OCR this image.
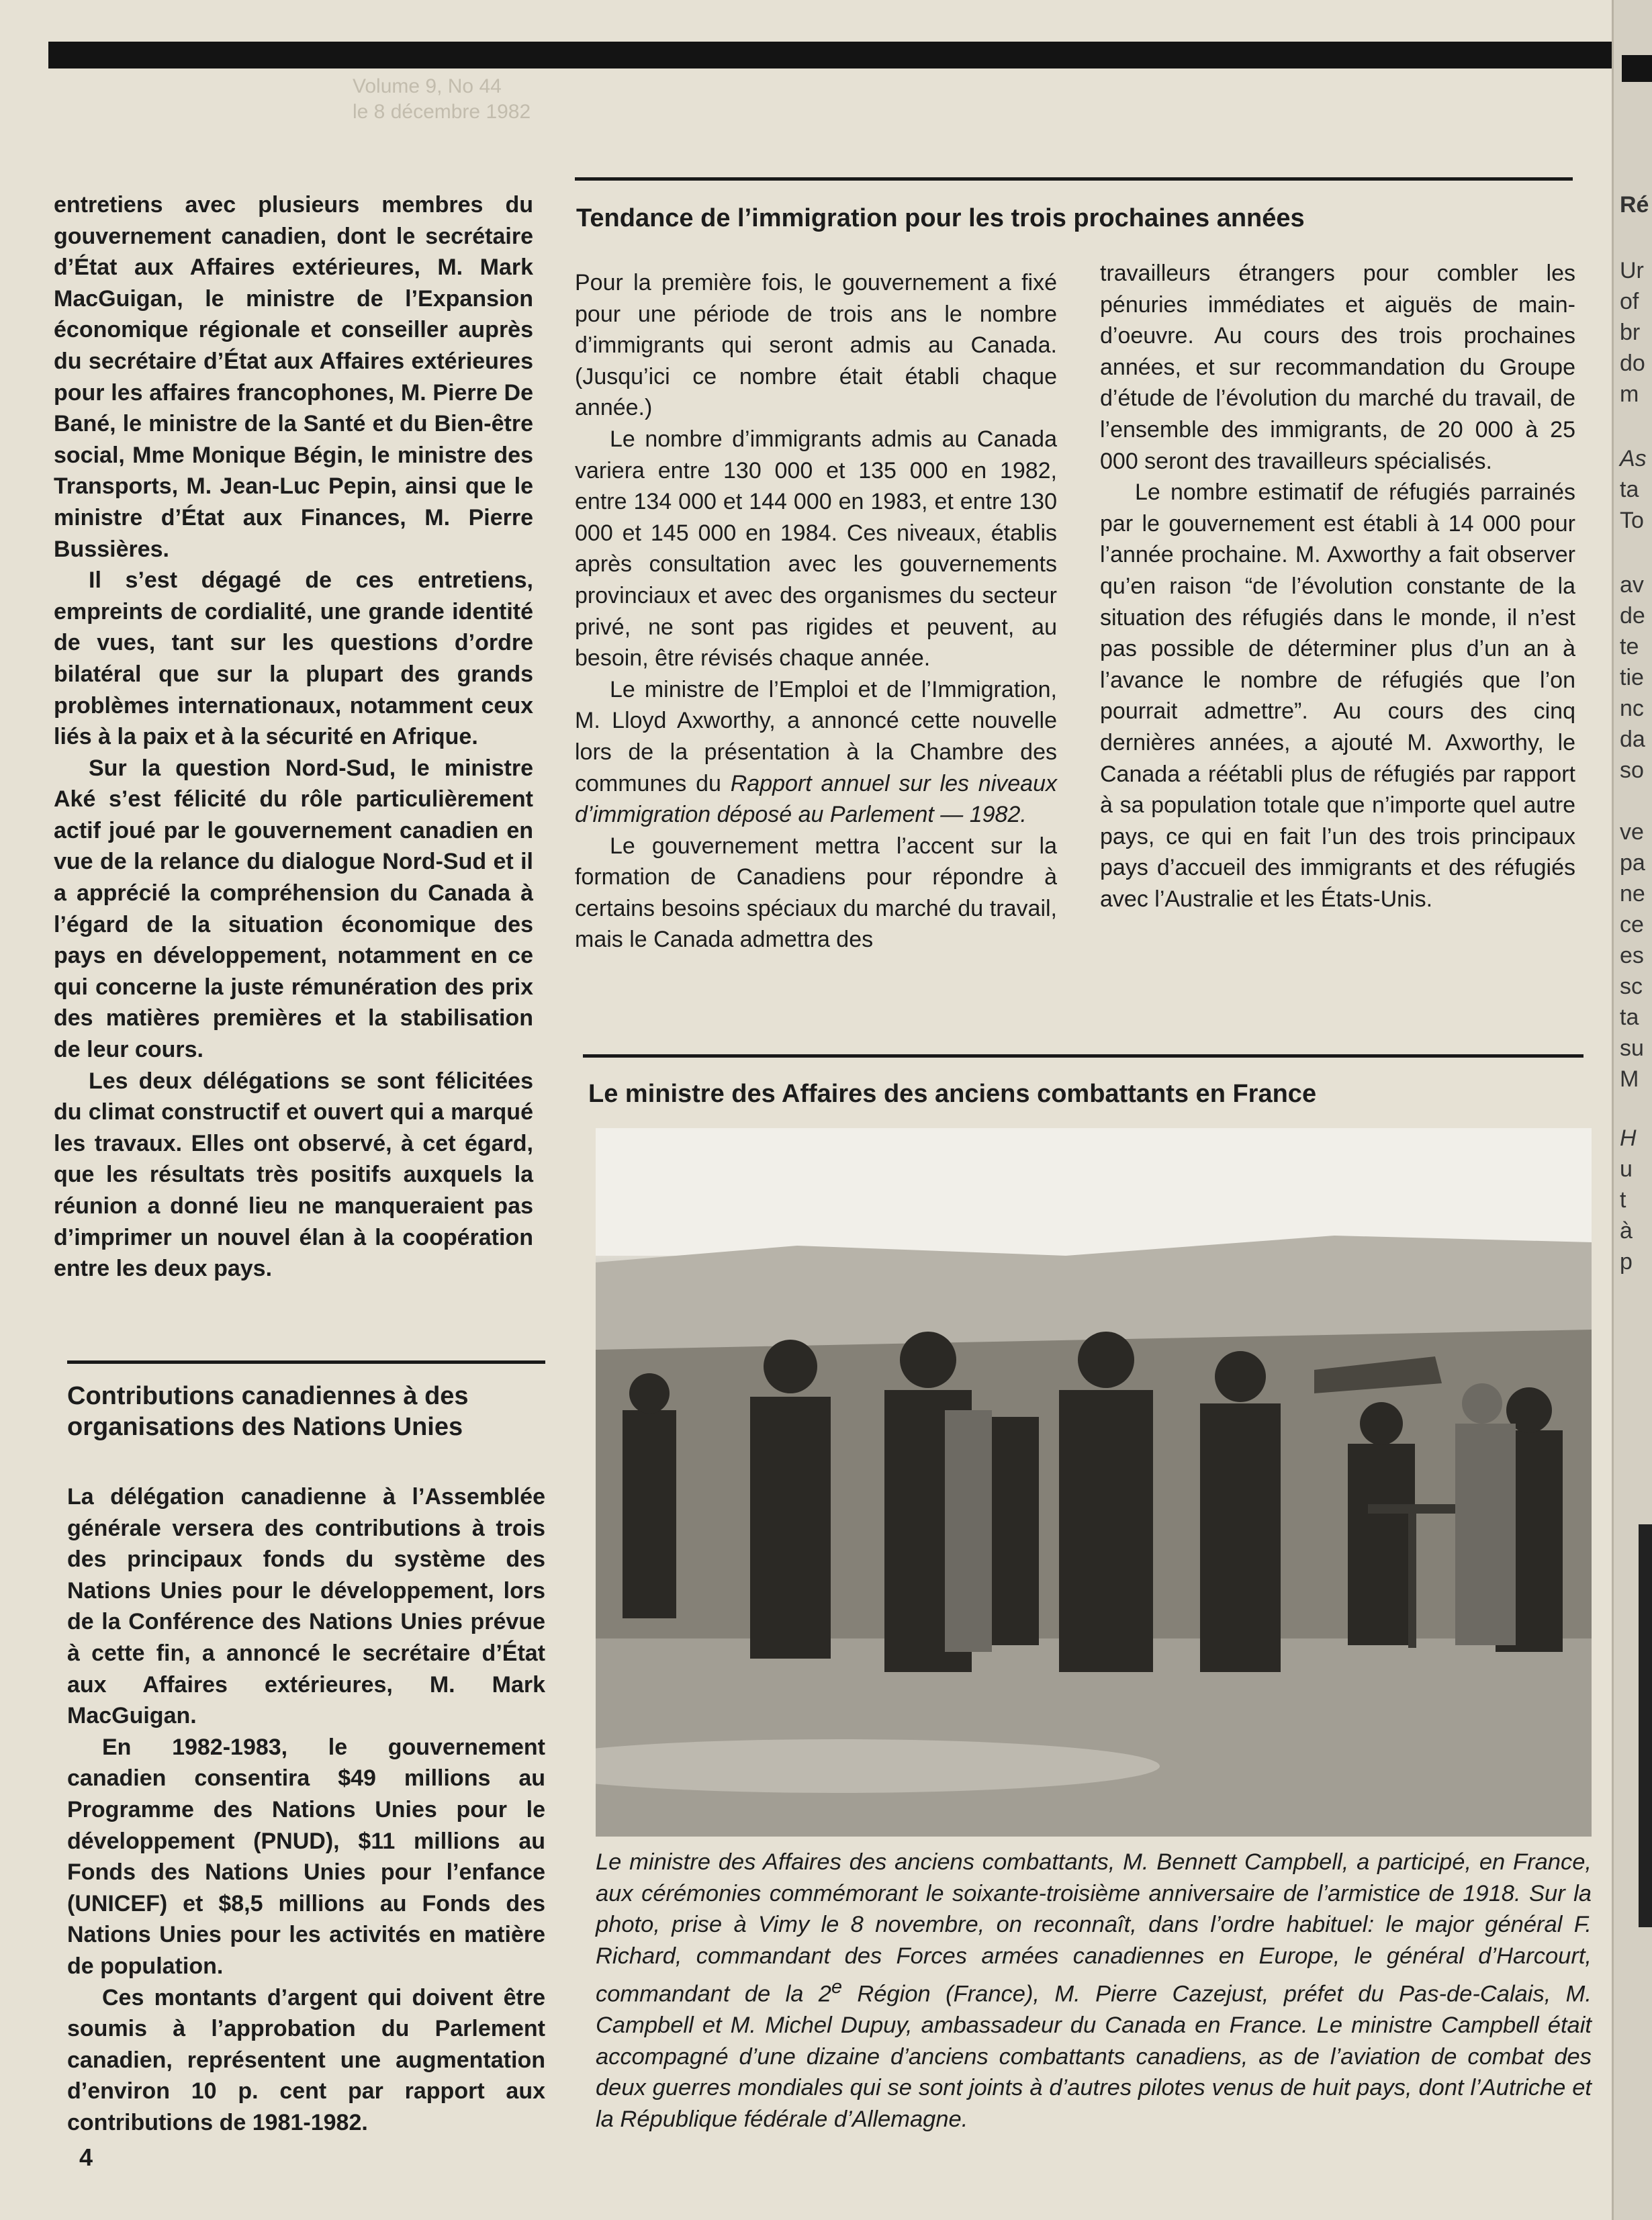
Volume 9, No 44
le 8 décembre 1982

entretiens avec plusieurs membres du gouvernement canadien, dont le secrétaire d’État aux Affaires extérieures, M. Mark MacGuigan, le ministre de l’Expansion économique régionale et conseiller auprès du secrétaire d’État aux Affaires extérieures pour les affaires francophones, M. Pierre De Bané, le ministre de la Santé et du Bien-être social, Mme Monique Bégin, le ministre des Transports, M. Jean-Luc Pepin, ainsi que le ministre d’État aux Finances, M. Pierre Bussières.

Il s’est dégagé de ces entretiens, empreints de cordialité, une grande identité de vues, tant sur les questions d’ordre bilatéral que sur la plupart des grands problèmes internationaux, notamment ceux liés à la paix et à la sécurité en Afrique.

Sur la question Nord-Sud, le ministre Aké s’est félicité du rôle particulièrement actif joué par le gouvernement canadien en vue de la relance du dialogue Nord-Sud et il a apprécié la compréhension du Canada à l’égard de la situation économique des pays en développement, notamment en ce qui concerne la juste rémunération des prix des matières premières et la stabilisation de leur cours.

Les deux délégations se sont félicitées du climat constructif et ouvert qui a marqué les travaux. Elles ont observé, à cet égard, que les résultats très positifs auxquels la réunion a donné lieu ne manqueraient pas d’imprimer un nouvel élan à la coopération entre les deux pays.

Contributions canadiennes à des organisations des Nations Unies

La délégation canadienne à l’Assemblée générale versera des contributions à trois des principaux fonds du système des Nations Unies pour le développement, lors de la Conférence des Nations Unies prévue à cette fin, a annoncé le secrétaire d’État aux Affaires extérieures, M. Mark MacGuigan.

En 1982-1983, le gouvernement canadien consentira $49 millions au Programme des Nations Unies pour le développement (PNUD), $11 millions au Fonds des Nations Unies pour l’enfance (UNICEF) et $8,5 millions au Fonds des Nations Unies pour les activités en matière de population.

Ces montants d’argent qui doivent être soumis à l’approbation du Parlement canadien, représentent une augmentation d’environ 10 p. cent par rapport aux contributions de 1981-1982.

Tendance de l’immigration pour les trois prochaines années

Pour la première fois, le gouvernement a fixé pour une période de trois ans le nombre d’immigrants qui seront admis au Canada. (Jusqu’ici ce nombre était établi chaque année.)

Le nombre d’immigrants admis au Canada variera entre 130 000 et 135 000 en 1982, entre 134 000 et 144 000 en 1983, et entre 130 000 et 145 000 en 1984. Ces niveaux, établis après consultation avec les gouvernements provinciaux et avec des organismes du secteur privé, ne sont pas rigides et peuvent, au besoin, être révisés chaque année.

Le ministre de l’Emploi et de l’Immigration, M. Lloyd Axworthy, a annoncé cette nouvelle lors de la présentation à la Chambre des communes du Rapport annuel sur les niveaux d’immigration déposé au Parlement — 1982.

Le gouvernement mettra l’accent sur la formation de Canadiens pour répondre à certains besoins spéciaux du marché du travail, mais le Canada admettra des

travailleurs étrangers pour combler les pénuries immédiates et aiguës de main-d’oeuvre. Au cours des trois prochaines années, et sur recommandation du Groupe d’étude de l’évolution du marché du travail, de l’ensemble des immigrants, de 20 000 à 25 000 seront des travailleurs spécialisés.

Le nombre estimatif de réfugiés parrainés par le gouvernement est établi à 14 000 pour l’année prochaine. M. Axworthy a fait observer qu’en raison “de l’évolution constante de la situation des réfugiés dans le monde, il n’est pas possible de déterminer plus d’un an à l’avance le nombre de réfugiés que l’on pourrait admettre”. Au cours des cinq dernières années, a ajouté M. Axworthy, le Canada a réétabli plus de réfugiés par rapport à sa population totale que n’importe quel autre pays, ce qui en fait l’un des trois principaux pays d’accueil des immigrants et des réfugiés avec l’Australie et les États-Unis.

Le ministre des Affaires des anciens combattants en France
Le ministre des Affaires des anciens combattants, M. Bennett Campbell, a participé, en France, aux cérémonies commémorant le soixante-troisième anniversaire de l’armistice de 1918. Sur la photo, prise à Vimy le 8 novembre, on reconnaît, dans l’ordre habituel: le major général F. Richard, commandant des Forces armées canadiennes en Europe, le général d’Harcourt, commandant de la 2e Région (France), M. Pierre Cazejust, préfet du Pas-de-Calais, M. Campbell et M. Michel Dupuy, ambassadeur du Canada en France. Le ministre Campbell était accompagné d’une dizaine d’anciens combattants canadiens, as de l’aviation de combat des deux guerres mondiales qui se sont joints à d’autres pilotes venus de huit pays, dont l’Autriche et la République fédérale d’Allemagne.
4
Ré
Ur
of
br
do
m
As
ta
To
av
de
te
tie
nc
da
so
ve
pa
ne
ce
es
sc
ta
su
M
H
u
t
à
p
